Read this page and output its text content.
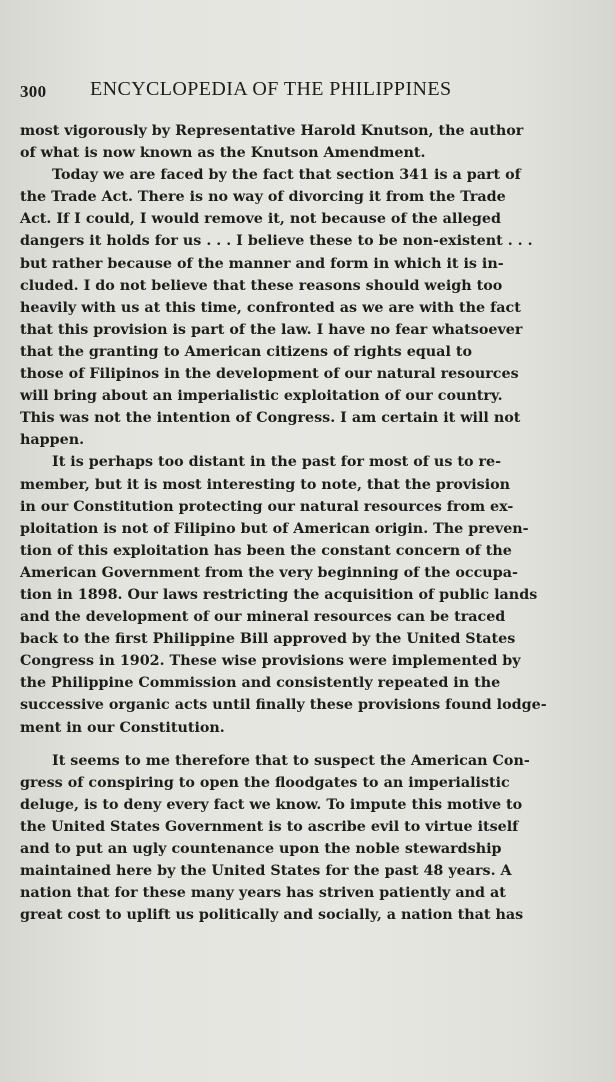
300 ENCYCLOPEDIA OF THE PHILIPPINES
most vigorously by Representative Harold Knutson, the author
of what is now known as the Knutson Amendment.
Today we are faced by the fact that section 341 is a part of
the Trade Act. There is no way of divorcing it from the Trade
Act. If I could, I would remove it, not because of the alleged
dangers it holds for us . . . I believe these to be non-existent . . .
but rather because of the manner and form in which it is in-
cluded. I do not believe that these reasons should weigh too
heavily with us at this time, confronted as we are with the fact
that this provision is part of the law. I have no fear whatsoever
that the granting to American citizens of rights equal to
those of Filipinos in the development of our natural resources
will bring about an imperialistic exploitation of our country.
This was not the intention of Congress. I am certain it will not
happen.
It is perhaps too distant in the past for most of us to re-
member, but it is most interesting to note, that the provision
in our Constitution protecting our natural resources from ex-
ploitation is not of Filipino but of American origin. The preven-
tion of this exploitation has been the constant concern of the
American Government from the very beginning of the occupa-
tion in 1898. Our laws restricting the acquisition of public lands
and the development of our mineral resources can be traced
back to the first Philippine Bill approved by the United States
Congress in 1902. These wise provisions were implemented by
the Philippine Commission and consistently repeated in the
successive organic acts until finally these provisions found lodge-
ment in our Constitution.
It seems to me therefore that to suspect the American Con-
gress of conspiring to open the floodgates to an imperialistic
deluge, is to deny every fact we know. To impute this motive to
the United States Government is to ascribe evil to virtue itself
and to put an ugly countenance upon the noble stewardship
maintained here by the United States for the past 48 years. A
nation that for these many years has striven patiently and at
great cost to uplift us politically and socially, a nation that has
